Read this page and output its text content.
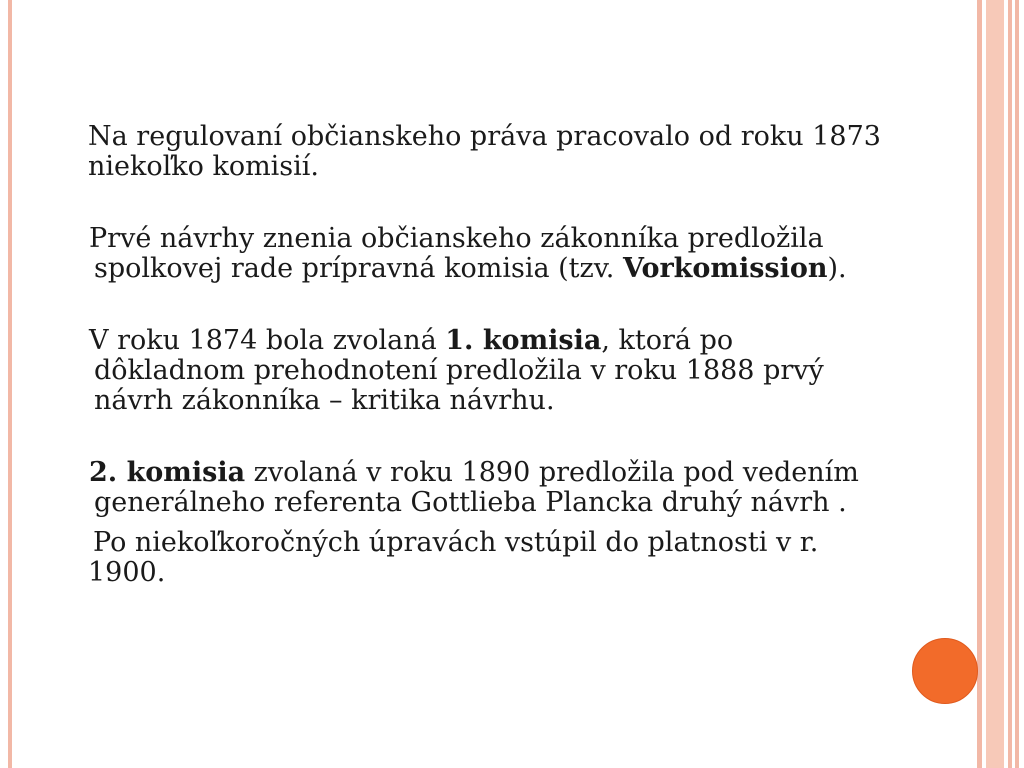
Na regulovaní občianskeho práva pracovalo od roku 1873 niekoľko komisií.

Prvé návrhy znenia občianskeho zákonníka predložila spolkovej rade prípravná komisia (tzv. Vorkomission).

V roku 1874 bola zvolaná 1. komisia, ktorá po dôkladnom prehodnotení predložila v roku 1888 prvý návrh zákonníka – kritika návrhu.

2. komisia zvolaná v roku 1890 predložila pod vedením generálneho referenta Gottlieba Plancka druhý návrh .

Po niekoľkoročných úpravách vstúpil do platnosti v r. 1900.
